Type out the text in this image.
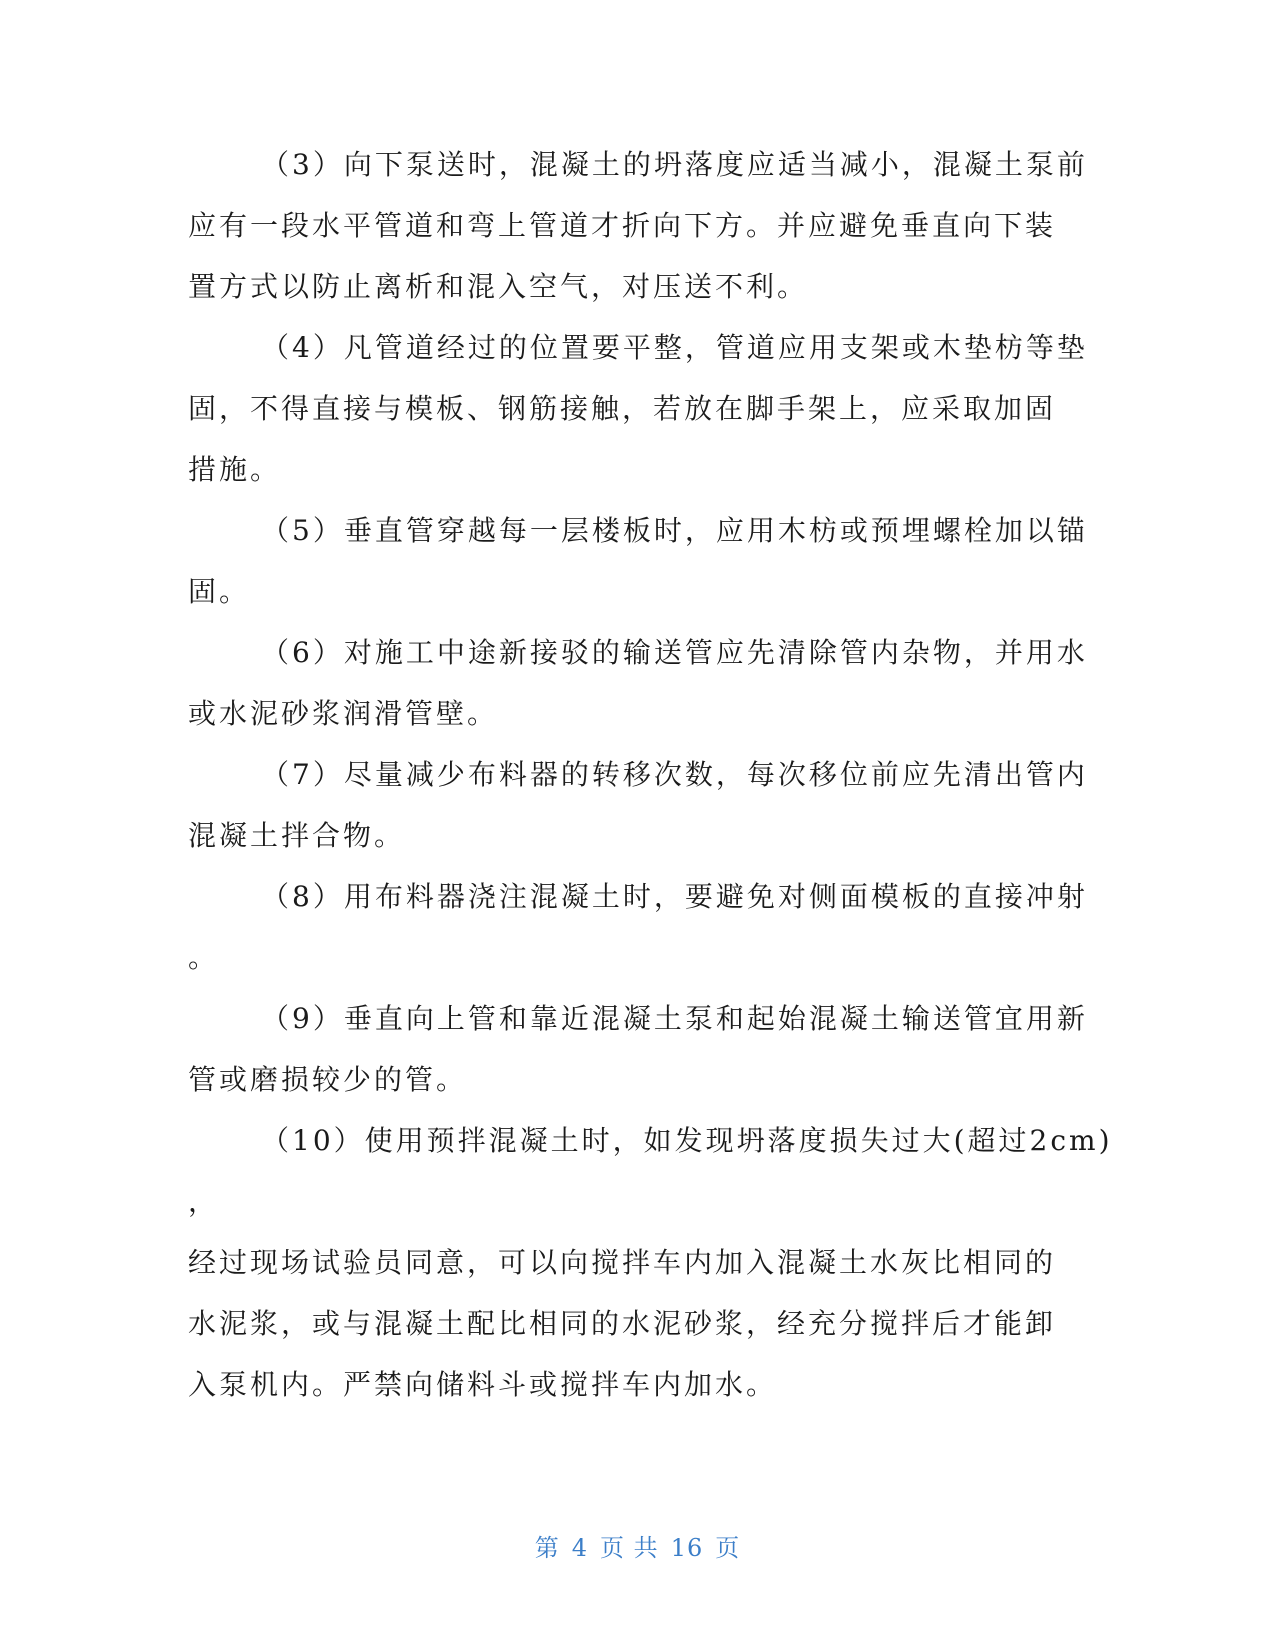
（3）向下泵送时，混凝土的坍落度应适当减小，混凝土泵前
应有一段水平管道和弯上管道才折向下方。并应避免垂直向下装
置方式以防止离析和混入空气，对压送不利。
（4）凡管道经过的位置要平整，管道应用支架或木垫枋等垫
固，不得直接与模板、钢筋接触，若放在脚手架上，应采取加固
措施。
（5）垂直管穿越每一层楼板时，应用木枋或预埋螺栓加以锚
固。
（6）对施工中途新接驳的输送管应先清除管内杂物，并用水
或水泥砂浆润滑管壁。
（7）尽量减少布料器的转移次数，每次移位前应先清出管内
混凝土拌合物。
（8）用布料器浇注混凝土时，要避免对侧面模板的直接冲射
。
（9）垂直向上管和靠近混凝土泵和起始混凝土输送管宜用新
管或磨损较少的管。
（10）使用预拌混凝土时，如发现坍落度损失过大(超过2cm)
，
经过现场试验员同意，可以向搅拌车内加入混凝土水灰比相同的
水泥浆，或与混凝土配比相同的水泥砂浆，经充分搅拌后才能卸
入泵机内。严禁向储料斗或搅拌车内加水。
第 4 页 共 16 页
